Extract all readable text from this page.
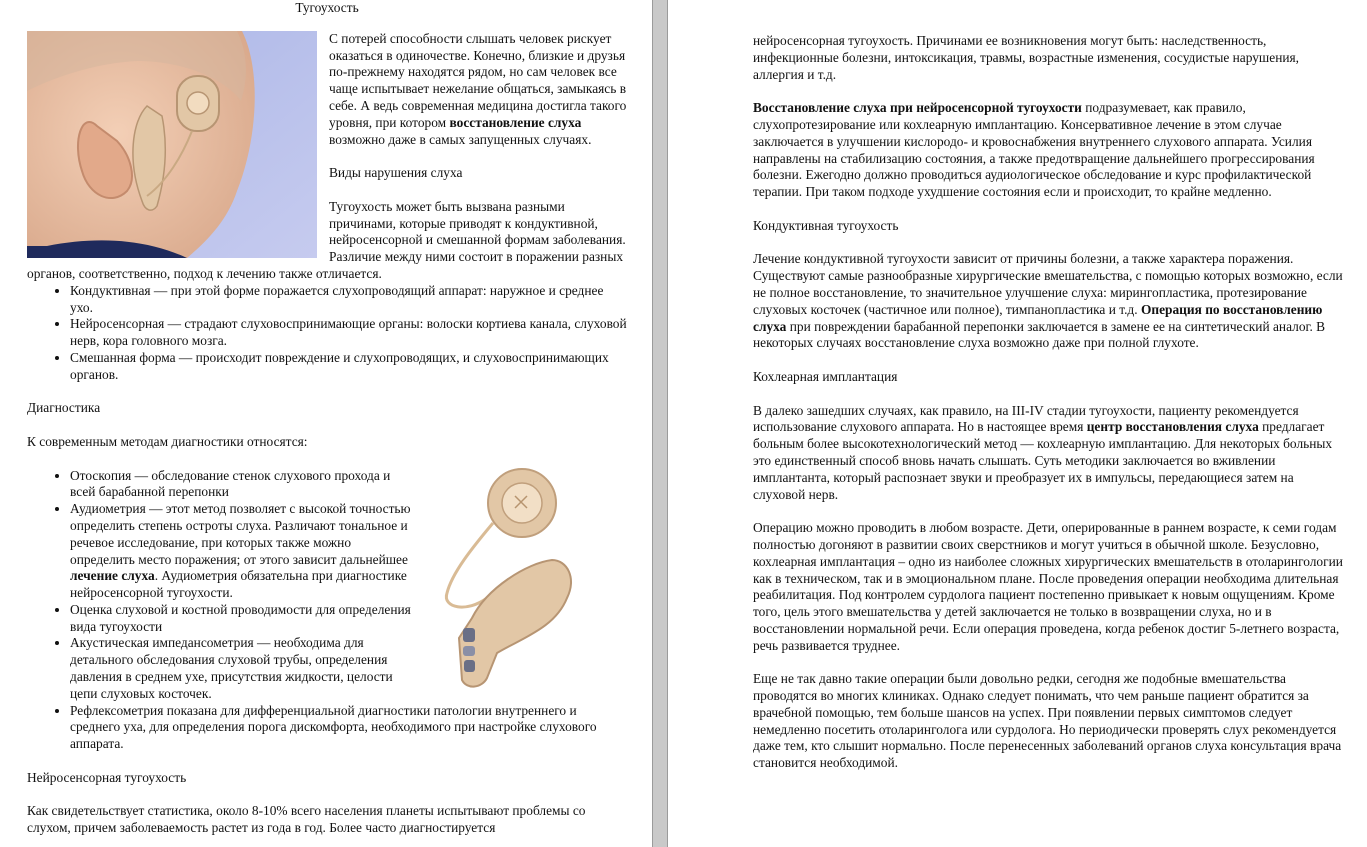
Тугоухость

С потерей способности слышать человек рискует оказаться в одиночестве. Конечно, близкие и друзья по-прежнему находятся рядом, но сам человек все чаще испытывает нежелание общаться, замыкаясь в себе. А ведь современная медицина достигла такого уровня, при котором восстановление слуха возможно даже в самых запущенных случаях.

Виды нарушения слуха

Тугоухость может быть вызвана разными причинами, которые приводят к кондуктивной, нейросенсорной и смешанной формам заболевания. Различие между ними состоит в поражении разных органов, соответственно, подход к лечению также отличается.

• Кондуктивная — при этой форме поражается слухопроводящий аппарат: наружное и среднее ухо.
• Нейросенсорная — страдают слуховоспринимающие органы: волоски кортиева канала, слуховой нерв, кора головного мозга.
• Смешанная форма — происходит повреждение и слухопроводящих, и слуховоспринимающих органов.

Диагностика

К современным методам диагностики относятся:

• Отоскопия — обследование стенок слухового прохода и всей барабанной перепонки
• Аудиометрия — этот метод позволяет с высокой точностью определить степень остроты слуха. Различают тональное и речевое исследование, при которых также можно определить место поражения; от этого зависит дальнейшее лечение слуха. Аудиометрия обязательна при диагностике нейросенсорной тугоухости.
• Оценка слуховой и костной проводимости для определения вида тугоухости
• Акустическая импедансометрия — необходима для детального обследования слуховой трубы, определения давления в среднем ухе, присутствия жидкости, целости цепи слуховых косточек.
• Рефлексометрия показана для дифференциальной диагностики патологии внутреннего и среднего уха, для определения порога дискомфорта, необходимого при настройке слухового аппарата.

Нейросенсорная тугоухость

Как свидетельствует статистика, около 8-10% всего населения планеты испытывают проблемы со слухом, причем заболеваемость растет из года в год. Более часто диагностируется

нейросенсорная тугоухость. Причинами ее возникновения могут быть: наследственность, инфекционные болезни, интоксикация, травмы, возрастные изменения, сосудистые нарушения, аллергия и т.д.

Восстановление слуха при нейросенсорной тугоухости подразумевает, как правило, слухопротезирование или кохлеарную имплантацию. Консервативное лечение в этом случае заключается в улучшении кислородо- и кровоснабжения внутреннего слухового аппарата. Усилия направлены на стабилизацию состояния, а также предотвращение дальнейшего прогрессирования болезни. Ежегодно должно проводиться аудиологическое обследование и курс профилактической терапии. При таком подходе ухудшение состояния если и происходит, то крайне медленно.

Кондуктивная тугоухость

Лечение кондуктивной тугоухости зависит от причины болезни, а также характера поражения. Существуют самые разнообразные хирургические вмешательства, с помощью которых возможно, если не полное восстановление, то значительное улучшение слуха: мирингопластика, протезирование слуховых косточек (частичное или полное), тимпанопластика и т.д. Операция по восстановлению слуха при повреждении барабанной перепонки заключается в замене ее на синтетический аналог. В некоторых случаях восстановление слуха возможно даже при полной глухоте.

Кохлеарная имплантация

В далеко зашедших случаях, как правило, на III-IV стадии тугоухости, пациенту рекомендуется использование слухового аппарата. Но в настоящее время центр восстановления слуха предлагает больным более высокотехнологический метод — кохлеарную имплантацию. Для некоторых больных это единственный способ вновь начать слышать. Суть методики заключается во вживлении имплантанта, который распознает звуки и преобразует их в импульсы, передающиеся затем на слуховой нерв.

Операцию можно проводить в любом возрасте. Дети, оперированные в раннем возрасте, к семи годам полностью догоняют в развитии своих сверстников и могут учиться в обычной школе. Безусловно, кохлеарная имплантация – одно из наиболее сложных хирургических вмешательств в отоларингологии как в техническом, так и в эмоциональном плане. После проведения операции необходима длительная реабилитация. Под контролем сурдолога пациент постепенно привыкает к новым ощущениям. Кроме того, цель этого вмешательства у детей заключается не только в возвращении слуха, но и в восстановлении нормальной речи. Если операция проведена, когда ребенок достиг 5-летнего возраста, речь развивается труднее.

Еще не так давно такие операции были довольно редки, сегодня же подобные вмешательства проводятся во многих клиниках. Однако следует понимать, что чем раньше пациент обратится за врачебной помощью, тем больше шансов на успех. При появлении первых симптомов следует немедленно посетить отоларинголога или сурдолога. Но периодически проверять слух рекомендуется даже тем, кто слышит нормально. После перенесенных заболеваний органов слуха консультация врача становится необходимой.
